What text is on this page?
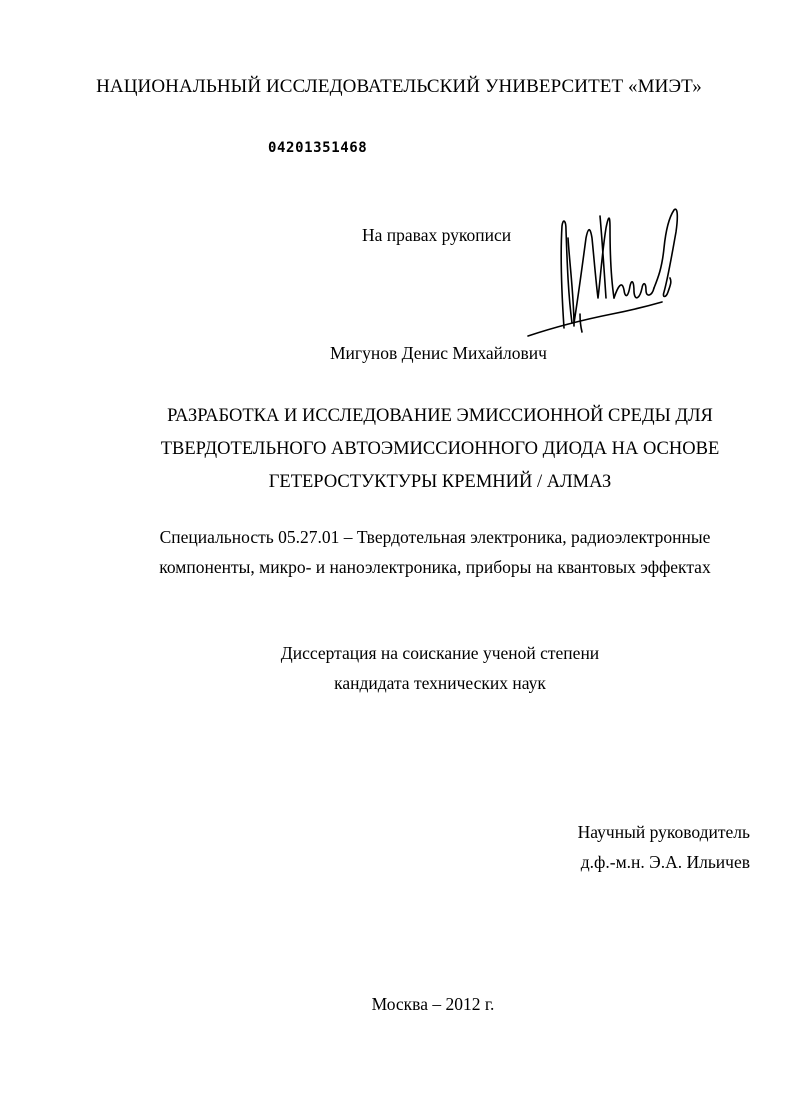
НАЦИОНАЛЬНЫЙ ИССЛЕДОВАТЕЛЬСКИЙ УНИВЕРСИТЕТ «МИЭТ»
04201351468
На правах рукописи
Мигунов Денис Михайлович
РАЗРАБОТКА И ИССЛЕДОВАНИЕ ЭМИССИОННОЙ СРЕДЫ ДЛЯ
ТВЕРДОТЕЛЬНОГО АВТОЭМИССИОННОГО ДИОДА НА ОСНОВЕ
ГЕТЕРОСТУКТУРЫ КРЕМНИЙ / АЛМАЗ
Специальность 05.27.01 – Твердотельная электроника, радиоэлектронные
компоненты, микро- и наноэлектроника, приборы на квантовых эффектах
Диссертация на соискание ученой степени
кандидата технических наук
Научный руководитель
д.ф.-м.н. Э.А. Ильичев
Москва – 2012 г.
